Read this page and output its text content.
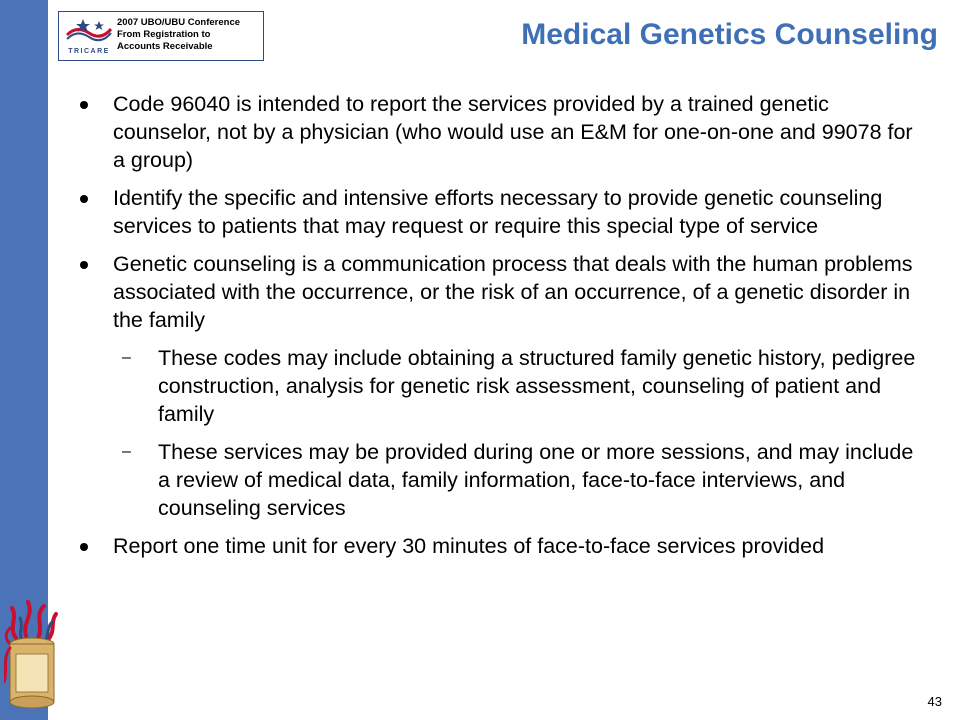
TRICARE
2007 UBO/UBU Conference
From Registration to
Accounts Receivable	Medical Genetics Counseling
Code 96040 is intended to report the services provided by a trained genetic counselor, not by a physician (who would use an E&M for one-on-one and 99078 for a group)
Identify the specific and intensive efforts necessary to provide genetic counseling services to patients that may request or require this special type of service
Genetic counseling is a communication process that deals with the human problems associated with the occurrence, or the risk of an occurrence, of a genetic disorder in the family
– These codes may include obtaining a structured family genetic history, pedigree construction, analysis for genetic risk assessment, counseling of patient and family
– These services may be provided during one or more sessions, and may include a review of medical data, family information, face-to-face interviews, and counseling services
Report one time unit for every 30 minutes of face-to-face services provided
43
